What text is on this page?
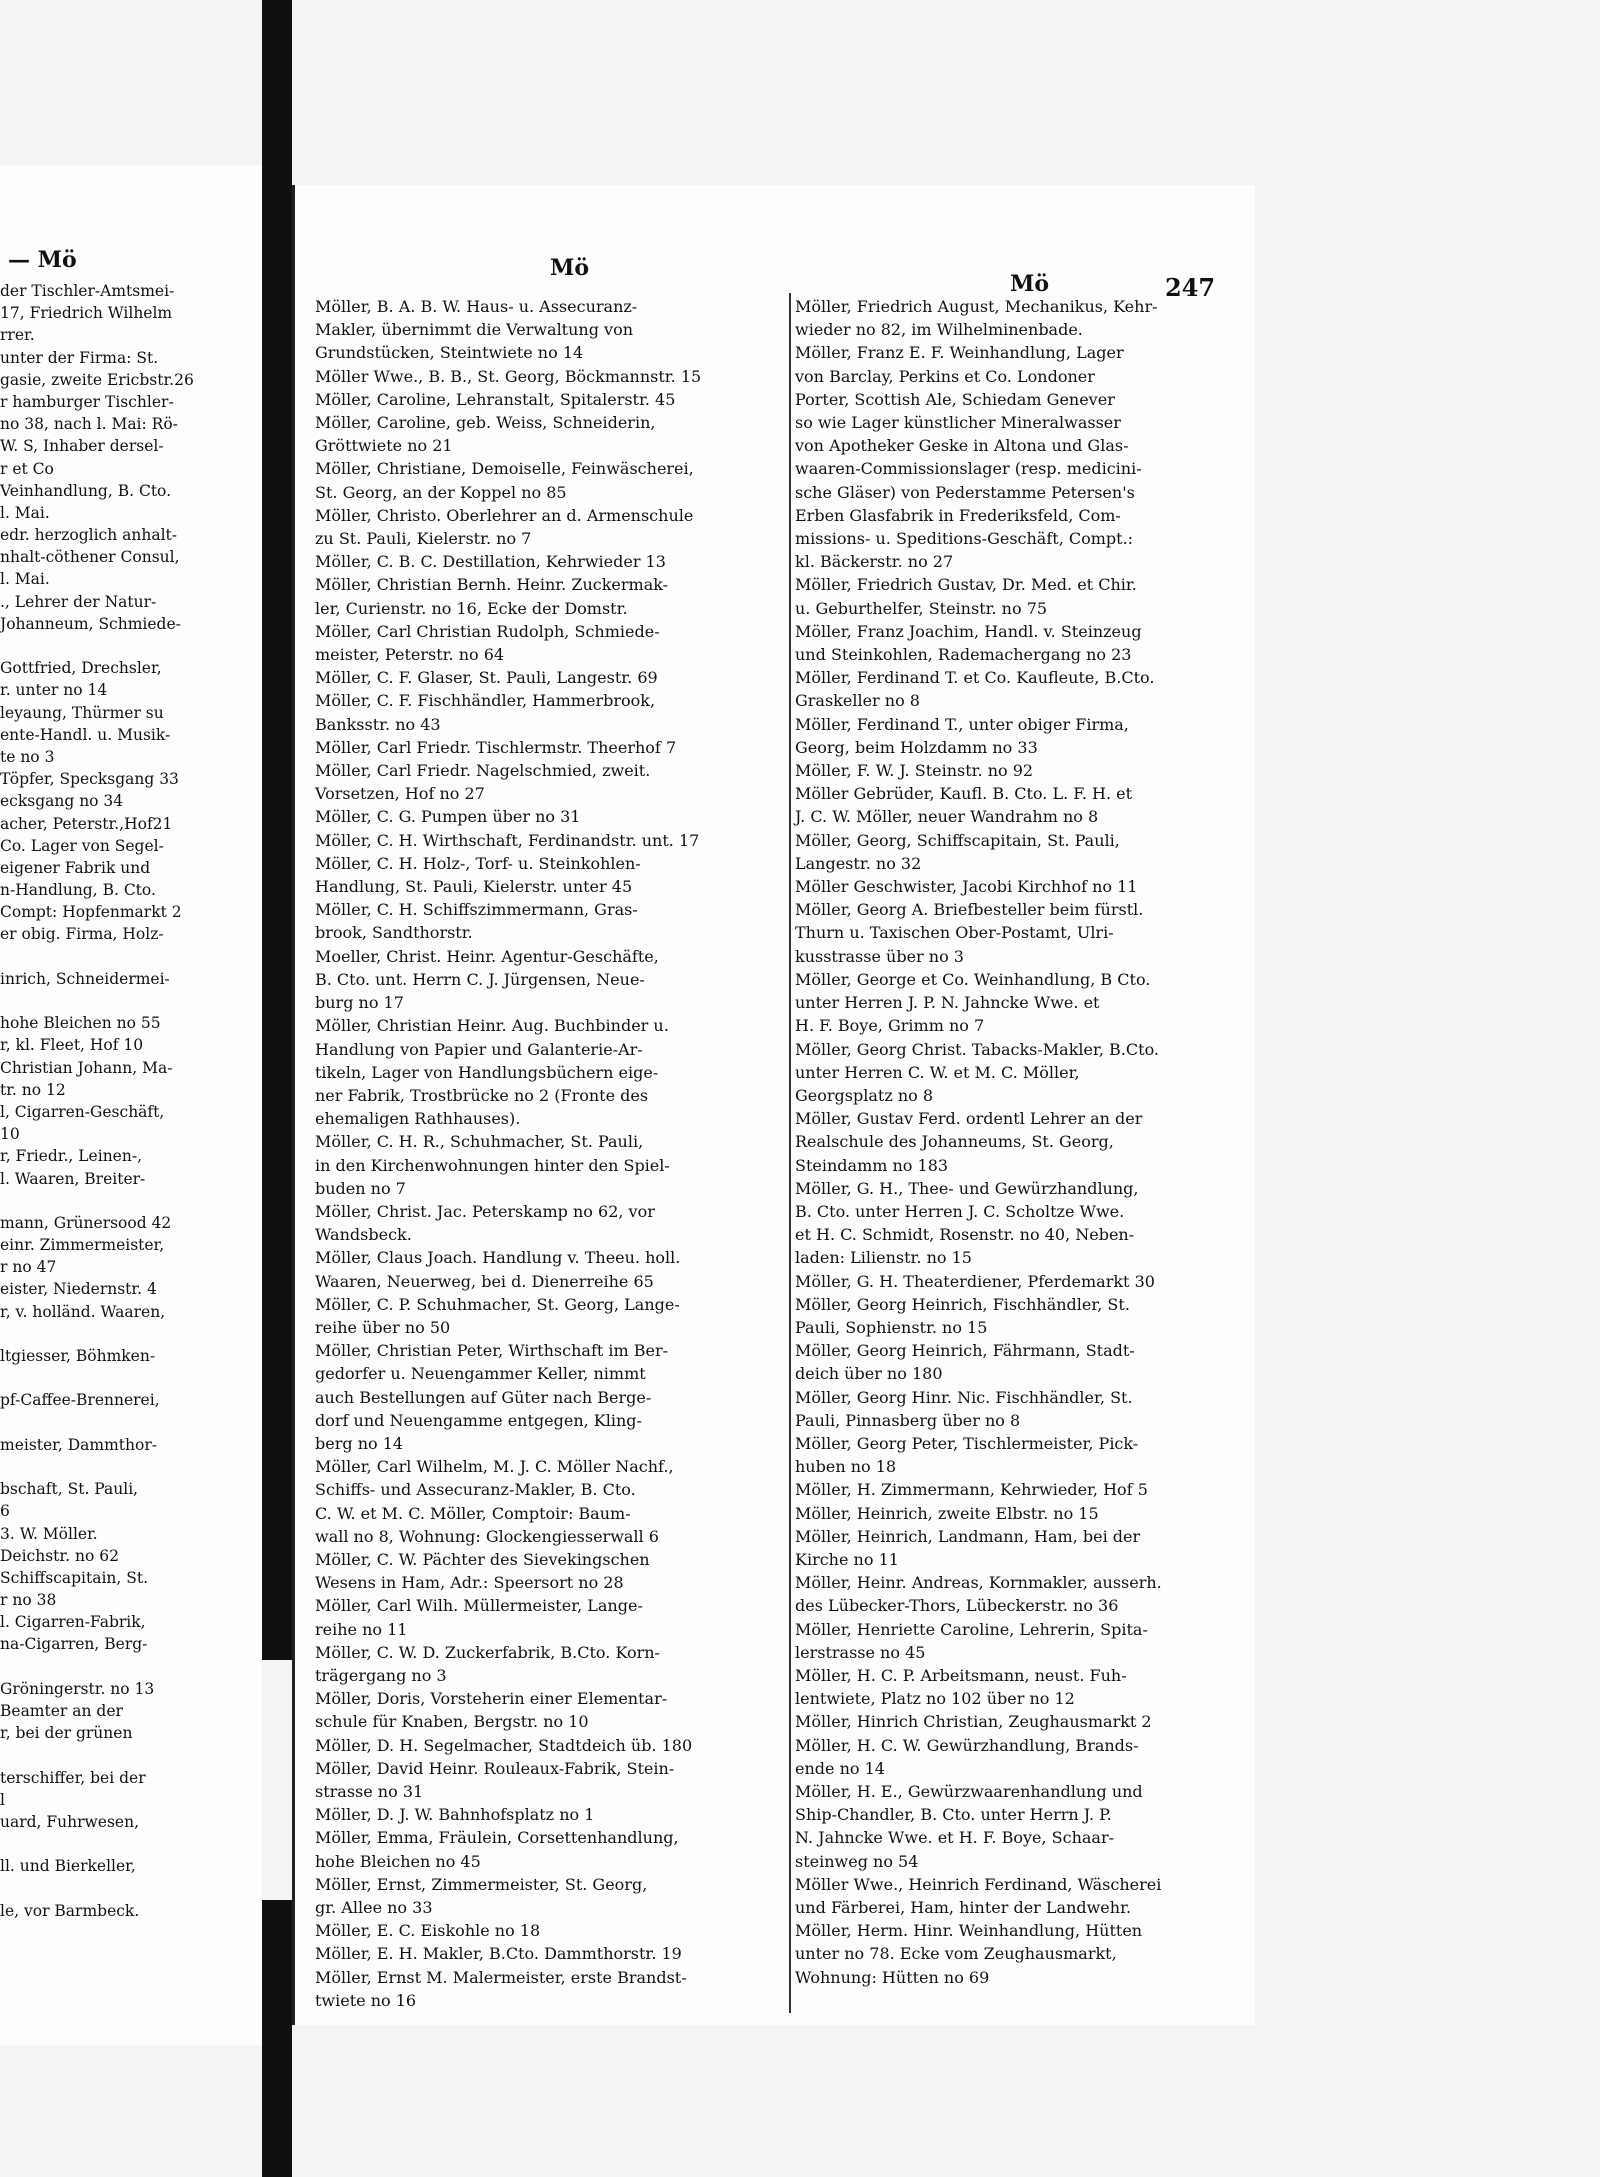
— Mö
der Tischler-Amtsmei-
17, Friedrich Wilhelm
rrer.
unter der Firma: St.
gasie, zweite Ericbstr.26
r hamburger Tischler-
no 38, nach l. Mai: Rö-
W. S, Inhaber dersel-
r et Co
Veinhandlung, B. Cto.
l. Mai.
edr. herzoglich anhalt-
nhalt-cöthener Consul,
l. Mai.
., Lehrer der Natur-
Johanneum, Schmiede-
Gottfried, Drechsler,
r. unter no 14
leyaung, Thürmer su
ente-Handl. u. Musik-
te no 3
Töpfer, Specksgang 33
ecksgang no 34
acher, Peterstr.,Hof21
Co. Lager von Segel-
eigener Fabrik und
n-Handlung, B. Cto.
Compt: Hopfenmarkt 2
er obig. Firma, Holz-
inrich, Schneidermei-
hohe Bleichen no 55
r, kl. Fleet, Hof 10
Christian Johann, Ma-
tr. no 12
l, Cigarren-Geschäft,
10
r, Friedr., Leinen-,
l. Waaren, Breiter-
mann, Grünersood 42
einr. Zimmermeister,
r no 47
eister, Niedernstr. 4
r, v. holländ. Waaren,
ltgiesser, Böhmken-
pf-Caffee-Brennerei,
meister, Dammthor-
bschaft, St. Pauli,
6
3. W. Möller.
Deichstr. no 62
Schiffscapitain, St.
r no 38
l. Cigarren-Fabrik,
na-Cigarren, Berg-
Gröningerstr. no 13
Beamter an der
r, bei der grünen
terschiffer, bei der
l
uard, Fuhrwesen,
ll. und Bierkeller,
le, vor Barmbeck.
Mö
Mö	247
Möller, B. A. B. W. Haus- u. Assecuranz-
Makler, übernimmt die Verwaltung von
Grundstücken, Steintwiete no 14
Möller Wwe., B. B., St. Georg, Böckmannstr. 15
Möller, Caroline, Lehranstalt, Spitalerstr. 45
Möller, Caroline, geb. Weiss, Schneiderin,
Gröttwiete no 21
Möller, Christiane, Demoiselle, Feinwäscherei,
St. Georg, an der Koppel no 85
Möller, Christo. Oberlehrer an d. Armenschule
zu St. Pauli, Kielerstr. no 7
Möller, C. B. C. Destillation, Kehrwieder 13
Möller, Christian Bernh. Heinr. Zuckermak-
ler, Curienstr. no 16, Ecke der Domstr.
Möller, Carl Christian Rudolph, Schmiede-
meister, Peterstr. no 64
Möller, C. F. Glaser, St. Pauli, Langestr. 69
Möller, C. F. Fischhändler, Hammerbrook,
Banksstr. no 43
Möller, Carl Friedr. Tischlermstr. Theerhof 7
Möller, Carl Friedr. Nagelschmied, zweit.
Vorsetzen, Hof no 27
Möller, C. G. Pumpen über no 31
Möller, C. H. Wirthschaft, Ferdinandstr. unt. 17
Möller, C. H. Holz-, Torf- u. Steinkohlen-
Handlung, St. Pauli, Kielerstr. unter 45
Möller, C. H. Schiffszimmermann, Gras-
brook, Sandthorstr.
Moeller, Christ. Heinr. Agentur-Geschäfte,
B. Cto. unt. Herrn C. J. Jürgensen, Neue-
burg no 17
Möller, Christian Heinr. Aug. Buchbinder u.
Handlung von Papier und Galanterie-Ar-
tikeln, Lager von Handlungsbüchern eige-
ner Fabrik, Trostbrücke no 2 (Fronte des
ehemaligen Rathhauses).
Möller, C. H. R., Schuhmacher, St. Pauli,
in den Kirchenwohnungen hinter den Spiel-
buden no 7
Möller, Christ. Jac. Peterskamp no 62, vor
Wandsbeck.
Möller, Claus Joach. Handlung v. Theeu. holl.
Waaren, Neuerweg, bei d. Dienerreihe 65
Möller, C. P. Schuhmacher, St. Georg, Lange-
reihe über no 50
Möller, Christian Peter, Wirthschaft im Ber-
gedorfer u. Neuengammer Keller, nimmt
auch Bestellungen auf Güter nach Berge-
dorf und Neuengamme entgegen, Kling-
berg no 14
Möller, Carl Wilhelm, M. J. C. Möller Nachf.,
Schiffs- und Assecuranz-Makler, B. Cto.
C. W. et M. C. Möller, Comptoir: Baum-
wall no 8, Wohnung: Glockengiesserwall 6
Möller, C. W. Pächter des Sievekingschen
Wesens in Ham, Adr.: Speersort no 28
Möller, Carl Wilh. Müllermeister, Lange-
reihe no 11
Möller, C. W. D. Zuckerfabrik, B.Cto. Korn-
trägergang no 3
Möller, Doris, Vorsteherin einer Elementar-
schule für Knaben, Bergstr. no 10
Möller, D. H. Segelmacher, Stadtdeich üb. 180
Möller, David Heinr. Rouleaux-Fabrik, Stein-
strasse no 31
Möller, D. J. W. Bahnhofsplatz no 1
Möller, Emma, Fräulein, Corsettenhandlung,
hohe Bleichen no 45
Möller, Ernst, Zimmermeister, St. Georg,
gr. Allee no 33
Möller, E. C. Eiskohle no 18
Möller, E. H. Makler, B.Cto. Dammthorstr. 19
Möller, Ernst M. Malermeister, erste Brandst-
twiete no 16
Möller, Friedrich August, Mechanikus, Kehr-
wieder no 82, im Wilhelminenbade.
Möller, Franz E. F. Weinhandlung, Lager
von Barclay, Perkins et Co. Londoner
Porter, Scottish Ale, Schiedam Genever
so wie Lager künstlicher Mineralwasser
von Apotheker Geske in Altona und Glas-
waaren-Commissionslager (resp. medicini-
sche Gläser) von Pederstamme Petersen's
Erben Glasfabrik in Frederiksfeld, Com-
missions- u. Speditions-Geschäft, Compt.:
kl. Bäckerstr. no 27
Möller, Friedrich Gustav, Dr. Med. et Chir.
u. Geburthelfer, Steinstr. no 75
Möller, Franz Joachim, Handl. v. Steinzeug
und Steinkohlen, Rademachergang no 23
Möller, Ferdinand T. et Co. Kaufleute, B.Cto.
Graskeller no 8
Möller, Ferdinand T., unter obiger Firma,
Georg, beim Holzdamm no 33
Möller, F. W. J. Steinstr. no 92
Möller Gebrüder, Kaufl. B. Cto. L. F. H. et
J. C. W. Möller, neuer Wandrahm no 8
Möller, Georg, Schiffscapitain, St. Pauli,
Langestr. no 32
Möller Geschwister, Jacobi Kirchhof no 11
Möller, Georg A. Briefbesteller beim fürstl.
Thurn u. Taxischen Ober-Postamt, Ulri-
kusstrasse über no 3
Möller, George et Co. Weinhandlung, B Cto.
unter Herren J. P. N. Jahncke Wwe. et
H. F. Boye, Grimm no 7
Möller, Georg Christ. Tabacks-Makler, B.Cto.
unter Herren C. W. et M. C. Möller,
Georgsplatz no 8
Möller, Gustav Ferd. ordentl Lehrer an der
Realschule des Johanneums, St. Georg,
Steindamm no 183
Möller, G. H., Thee- und Gewürzhandlung,
B. Cto. unter Herren J. C. Scholtze Wwe.
et H. C. Schmidt, Rosenstr. no 40, Neben-
laden: Lilienstr. no 15
Möller, G. H. Theaterdiener, Pferdemarkt 30
Möller, Georg Heinrich, Fischhändler, St.
Pauli, Sophienstr. no 15
Möller, Georg Heinrich, Fährmann, Stadt-
deich über no 180
Möller, Georg Hinr. Nic. Fischhändler, St.
Pauli, Pinnasberg über no 8
Möller, Georg Peter, Tischlermeister, Pick-
huben no 18
Möller, H. Zimmermann, Kehrwieder, Hof 5
Möller, Heinrich, zweite Elbstr. no 15
Möller, Heinrich, Landmann, Ham, bei der
Kirche no 11
Möller, Heinr. Andreas, Kornmakler, ausserh.
des Lübecker-Thors, Lübeckerstr. no 36
Möller, Henriette Caroline, Lehrerin, Spita-
lerstrasse no 45
Möller, H. C. P. Arbeitsmann, neust. Fuh-
lentwiete, Platz no 102 über no 12
Möller, Hinrich Christian, Zeughausmarkt 2
Möller, H. C. W. Gewürzhandlung, Brands-
ende no 14
Möller, H. E., Gewürzwaarenhandlung und
Ship-Chandler, B. Cto. unter Herrn J. P.
N. Jahncke Wwe. et H. F. Boye, Schaar-
steinweg no 54
Möller Wwe., Heinrich Ferdinand, Wäscherei
und Färberei, Ham, hinter der Landwehr.
Möller, Herm. Hinr. Weinhandlung, Hütten
unter no 78. Ecke vom Zeughausmarkt,
Wohnung: Hütten no 69
